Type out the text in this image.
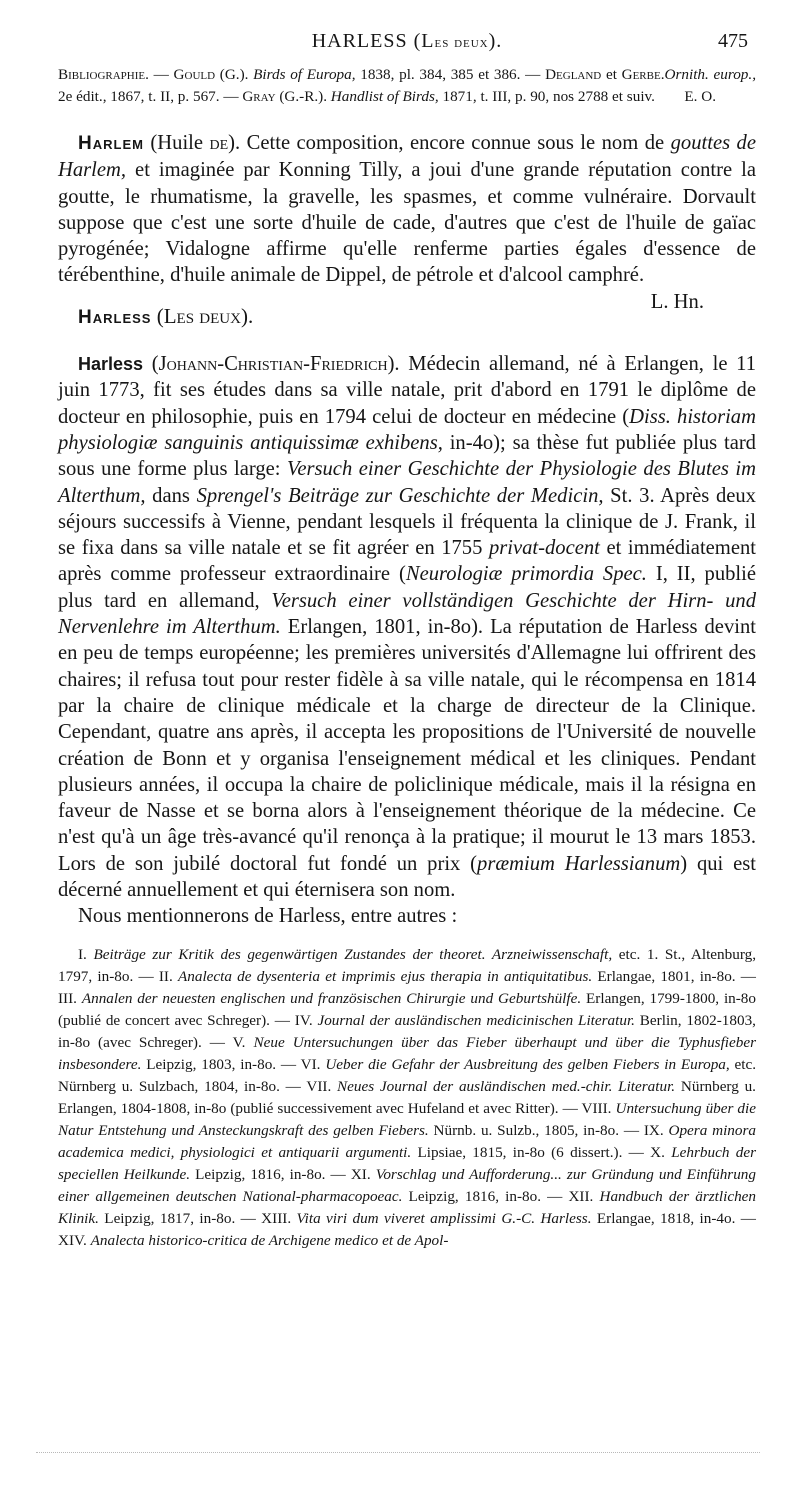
HARLESS (Les deux).	475

Bibliographie. — Gould (G.). Birds of Europa, 1838, pl. 384, 385 et 386. — Degland et Gerbe.Ornith. europ., 2e édit., 1867, t. II, p. 567. — Gray (G.-R.). Handlist of Birds, 1871, t. III, p. 90, nos 2788 et suiv. E. O.

Harlem (Huile de). Cette composition, encore connue sous le nom de gouttes de Harlem, et imaginée par Konning Tilly, a joui d'une grande réputation contre la goutte, le rhumatisme, la gravelle, les spasmes, et comme vulnéraire. Dorvault suppose que c'est une sorte d'huile de cade, d'autres que c'est de l'huile de gaïac pyrogénée; Vidalogne affirme qu'elle renferme parties égales d'essence de térébenthine, d'huile animale de Dippel, de pétrole et d'alcool camphré.
L. Hn.

Harless (Les deux).

Harless (Johann-Christian-Friedrich). Médecin allemand, né à Erlangen, le 11 juin 1773, fit ses études dans sa ville natale, prit d'abord en 1791 le diplôme de docteur en philosophie, puis en 1794 celui de docteur en médecine (Diss. historiam physiologiæ sanguinis antiquissimæ exhibens, in-4o); sa thèse fut publiée plus tard sous une forme plus large: Versuch einer Geschichte der Physiologie des Blutes im Alterthum, dans Sprengel's Beiträge zur Geschichte der Medicin, St. 3. Après deux séjours successifs à Vienne, pendant lesquels il fréquenta la clinique de J. Frank, il se fixa dans sa ville natale et se fit agréer en 1755 privat-docent et immédiatement après comme professeur extraordinaire (Neurologiæ primordia Spec. I, II, publié plus tard en allemand, Versuch einer vollständigen Geschichte der Hirn- und Nervenlehre im Alterthum. Erlangen, 1801, in-8o). La réputation de Harless devint en peu de temps européenne; les premières universités d'Allemagne lui offrirent des chaires; il refusa tout pour rester fidèle à sa ville natale, qui le récompensa en 1814 par la chaire de clinique médicale et la charge de directeur de la Clinique. Cependant, quatre ans après, il accepta les propositions de l'Université de nouvelle création de Bonn et y organisa l'enseignement médical et les cliniques. Pendant plusieurs années, il occupa la chaire de policlinique médicale, mais il la résigna en faveur de Nasse et se borna alors à l'enseignement théorique de la médecine. Ce n'est qu'à un âge très-avancé qu'il renonça à la pratique; il mourut le 13 mars 1853. Lors de son jubilé doctoral fut fondé un prix (præmium Harlessianum) qui est décerné annuellement et qui éternisera son nom.

Nous mentionnerons de Harless, entre autres :

I. Beiträge zur Kritik des gegenwärtigen Zustandes der theoret. Arzneiwissenschaft, etc. 1. St., Altenburg, 1797, in-8o. — II. Analecta de dysenteria et imprimis ejus therapia in antiquitatibus. Erlangae, 1801, in-8o. — III. Annalen der neuesten englischen und französischen Chirurgie und Geburtshülfe. Erlangen, 1799-1800, in-8o (publié de concert avec Schreger). — IV. Journal der ausländischen medicinischen Literatur. Berlin, 1802-1803, in-8o (avec Schreger). — V. Neue Untersuchungen über das Fieber überhaupt und über die Typhusfieber insbesondere. Leipzig, 1803, in-8o. — VI. Ueber die Gefahr der Ausbreitung des gelben Fiebers in Europa, etc. Nürnberg u. Sulzbach, 1804, in-8o. — VII. Neues Journal der ausländischen med.-chir. Literatur. Nürnberg u. Erlangen, 1804-1808, in-8o (publié successivement avec Hufeland et avec Ritter). — VIII. Untersuchung über die Natur Entstehung und Ansteckungskraft des gelben Fiebers. Nürnb. u. Sulzb., 1805, in-8o. — IX. Opera minora academica medici, physiologici et antiquarii argumenti. Lipsiae, 1815, in-8o (6 dissert.). — X. Lehrbuch der speciellen Heilkunde. Leipzig, 1816, in-8o. — XI. Vorschlag und Aufforderung... zur Gründung und Einführung einer allgemeinen deutschen National-pharmacopoeac. Leipzig, 1816, in-8o. — XII. Handbuch der ärztlichen Klinik. Leipzig, 1817, in-8o. — XIII. Vita viri dum viveret amplissimi G.-C. Harless. Erlangae, 1818, in-4o. — XIV. Analecta historico-critica de Archigene medico et de Apol-
